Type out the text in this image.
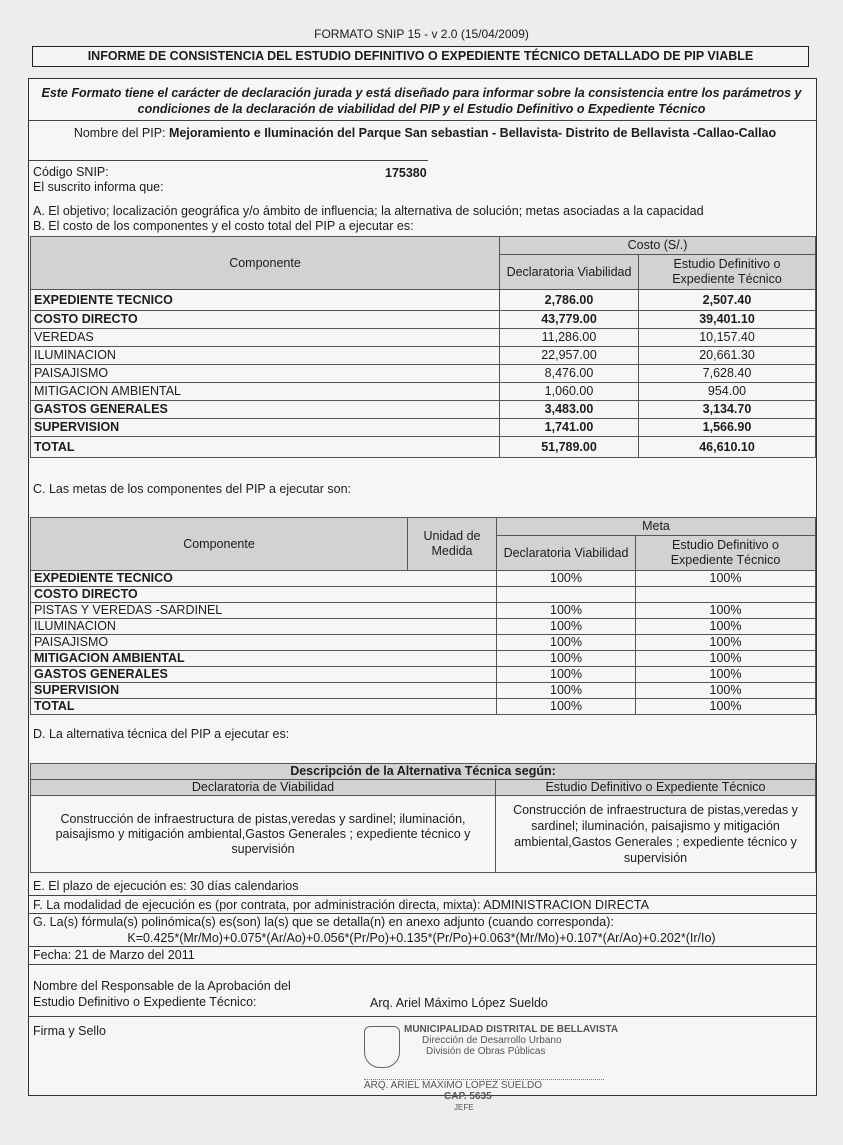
FORMATO SNIP 15 - v 2.0 (15/04/2009)
INFORME DE CONSISTENCIA DEL ESTUDIO DEFINITIVO O EXPEDIENTE TÉCNICO DETALLADO DE PIP VIABLE
Este Formato tiene el carácter de declaración jurada y está diseñado para informar sobre la consistencia entre los parámetros y condiciones de la declaración de viabilidad del PIP y el Estudio Definitivo o Expediente Técnico
Nombre del PIP: Mejoramiento e Iluminación del Parque San sebastian - Bellavista- Distrito de Bellavista -Callao-Callao
Código SNIP:	175380
El suscrito informa que:
A. El objetivo; localización geográfica y/o ámbito de influencia; la alternativa de solución; metas asociadas a la capacidad
B. El costo de los componentes y el costo total del PIP a ejecutar es:
Componente	Costo (S/.)	
	Declaratoria Viabilidad	Estudio Definitivo o Expediente Técnico
EXPEDIENTE TECNICO	2,786.00	2,507.40
COSTO DIRECTO	43,779.00	39,401.10
VEREDAS	11,286.00	10,157.40
ILUMINACION	22,957.00	20,661.30
PAISAJISMO	8,476.00	7,628.40
MITIGACION AMBIENTAL	1,060.00	954.00
GASTOS GENERALES	3,483.00	3,134.70
SUPERVISION	1,741.00	1,566.90
TOTAL	51,789.00	46,610.10
C. Las metas de los componentes del PIP a ejecutar son:
Componente	Unidad de Medida	Meta	
		Declaratoria Viabilidad	Estudio Definitivo o Expediente Técnico
EXPEDIENTE TECNICO		100%	100%
COSTO DIRECTO			
PISTAS Y VEREDAS -SARDINEL		100%	100%
ILUMINACION		100%	100%
PAISAJISMO		100%	100%
MITIGACION AMBIENTAL		100%	100%
GASTOS GENERALES		100%	100%
SUPERVISION		100%	100%
TOTAL		100%	100%
D. La alternativa técnica del PIP a ejecutar es:
Descripción de la Alternativa Técnica según:	
Declaratoria de Viabilidad	Estudio Definitivo o Expediente Técnico
Construcción de infraestructura de pistas,veredas y sardinel; iluminación, paisajismo y mitigación ambiental,Gastos Generales ; expediente técnico y supervisión	Construcción de infraestructura de pistas,veredas y sardinel; iluminación, paisajismo y mitigación ambiental,Gastos Generales ; expediente técnico y supervisión
E. El plazo de ejecución es: 30 días calendarios
F. La modalidad de ejecución es (por contrata, por administración directa, mixta): ADMINISTRACION DIRECTA
G. La(s) fórmula(s) polinómica(s) es(son) la(s) que se detalla(n) en anexo adjunto (cuando corresponda):
K=0.425*(Mr/Mo)+0.075*(Ar/Ao)+0.056*(Pr/Po)+0.135*(Pr/Po)+0.063*(Mr/Mo)+0.107*(Ar/Ao)+0.202*(Ir/Io)
Fecha: 21 de Marzo del 2011
Nombre del Responsable de la Aprobación del
Estudio Definitivo o Expediente Técnico:	Arq. Ariel Máximo López Sueldo
Firma y Sello	MUNICIPALIDAD DISTRITAL DE BELLAVISTA
Dirección de Desarrollo Urbano
División de Obras Públicas
ARQ. ARIEL MAXIMO LOPEZ SUELDO
CAP. 5635
JEFE
